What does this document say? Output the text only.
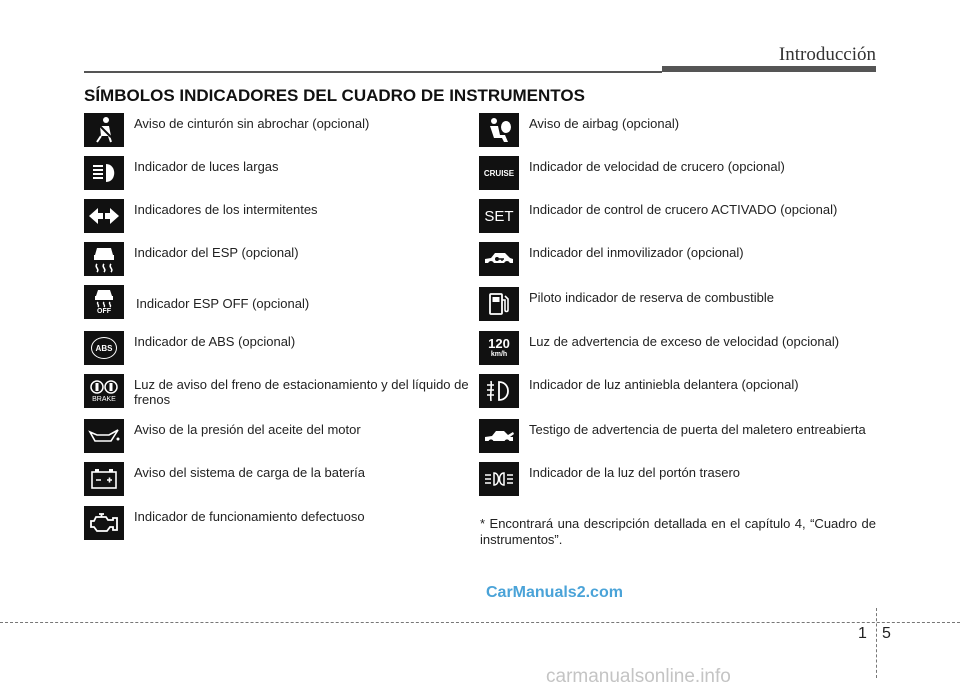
Introducción
SÍMBOLOS INDICADORES DEL CUADRO DE INSTRUMENTOS
Aviso de cinturón sin abrochar (opcional)
Indicador de luces largas
Indicadores de los intermitentes
Indicador del ESP (opcional)
OFF
Indicador ESP OFF (opcional)
ABS	Indicador de ABS (opcional)
BRAKE
Luz de aviso del freno de estacionamiento y del líquido de frenos
Aviso de la presión del aceite del motor
Aviso del sistema de carga de la batería
Indicador de funcionamiento defectuoso
Aviso de airbag (opcional)
CRUISE Indicador de velocidad de crucero (opcional)
SET Indicador de control de crucero ACTIVADO (opcional)
Indicador del inmovilizador (opcional)
Piloto indicador de reserva de combustible
120
km/h
Luz de advertencia de exceso de velocidad (opcional)
Indicador de luz antiniebla delantera (opcional)
Testigo de advertencia de puerta del maletero entreabierta
Indicador de la luz del portón trasero
* Encontrará una descripción detallada en el capítulo 4, “Cuadro de instrumentos”.
CarManuals2.com
1 5
carmanualsonline.info
